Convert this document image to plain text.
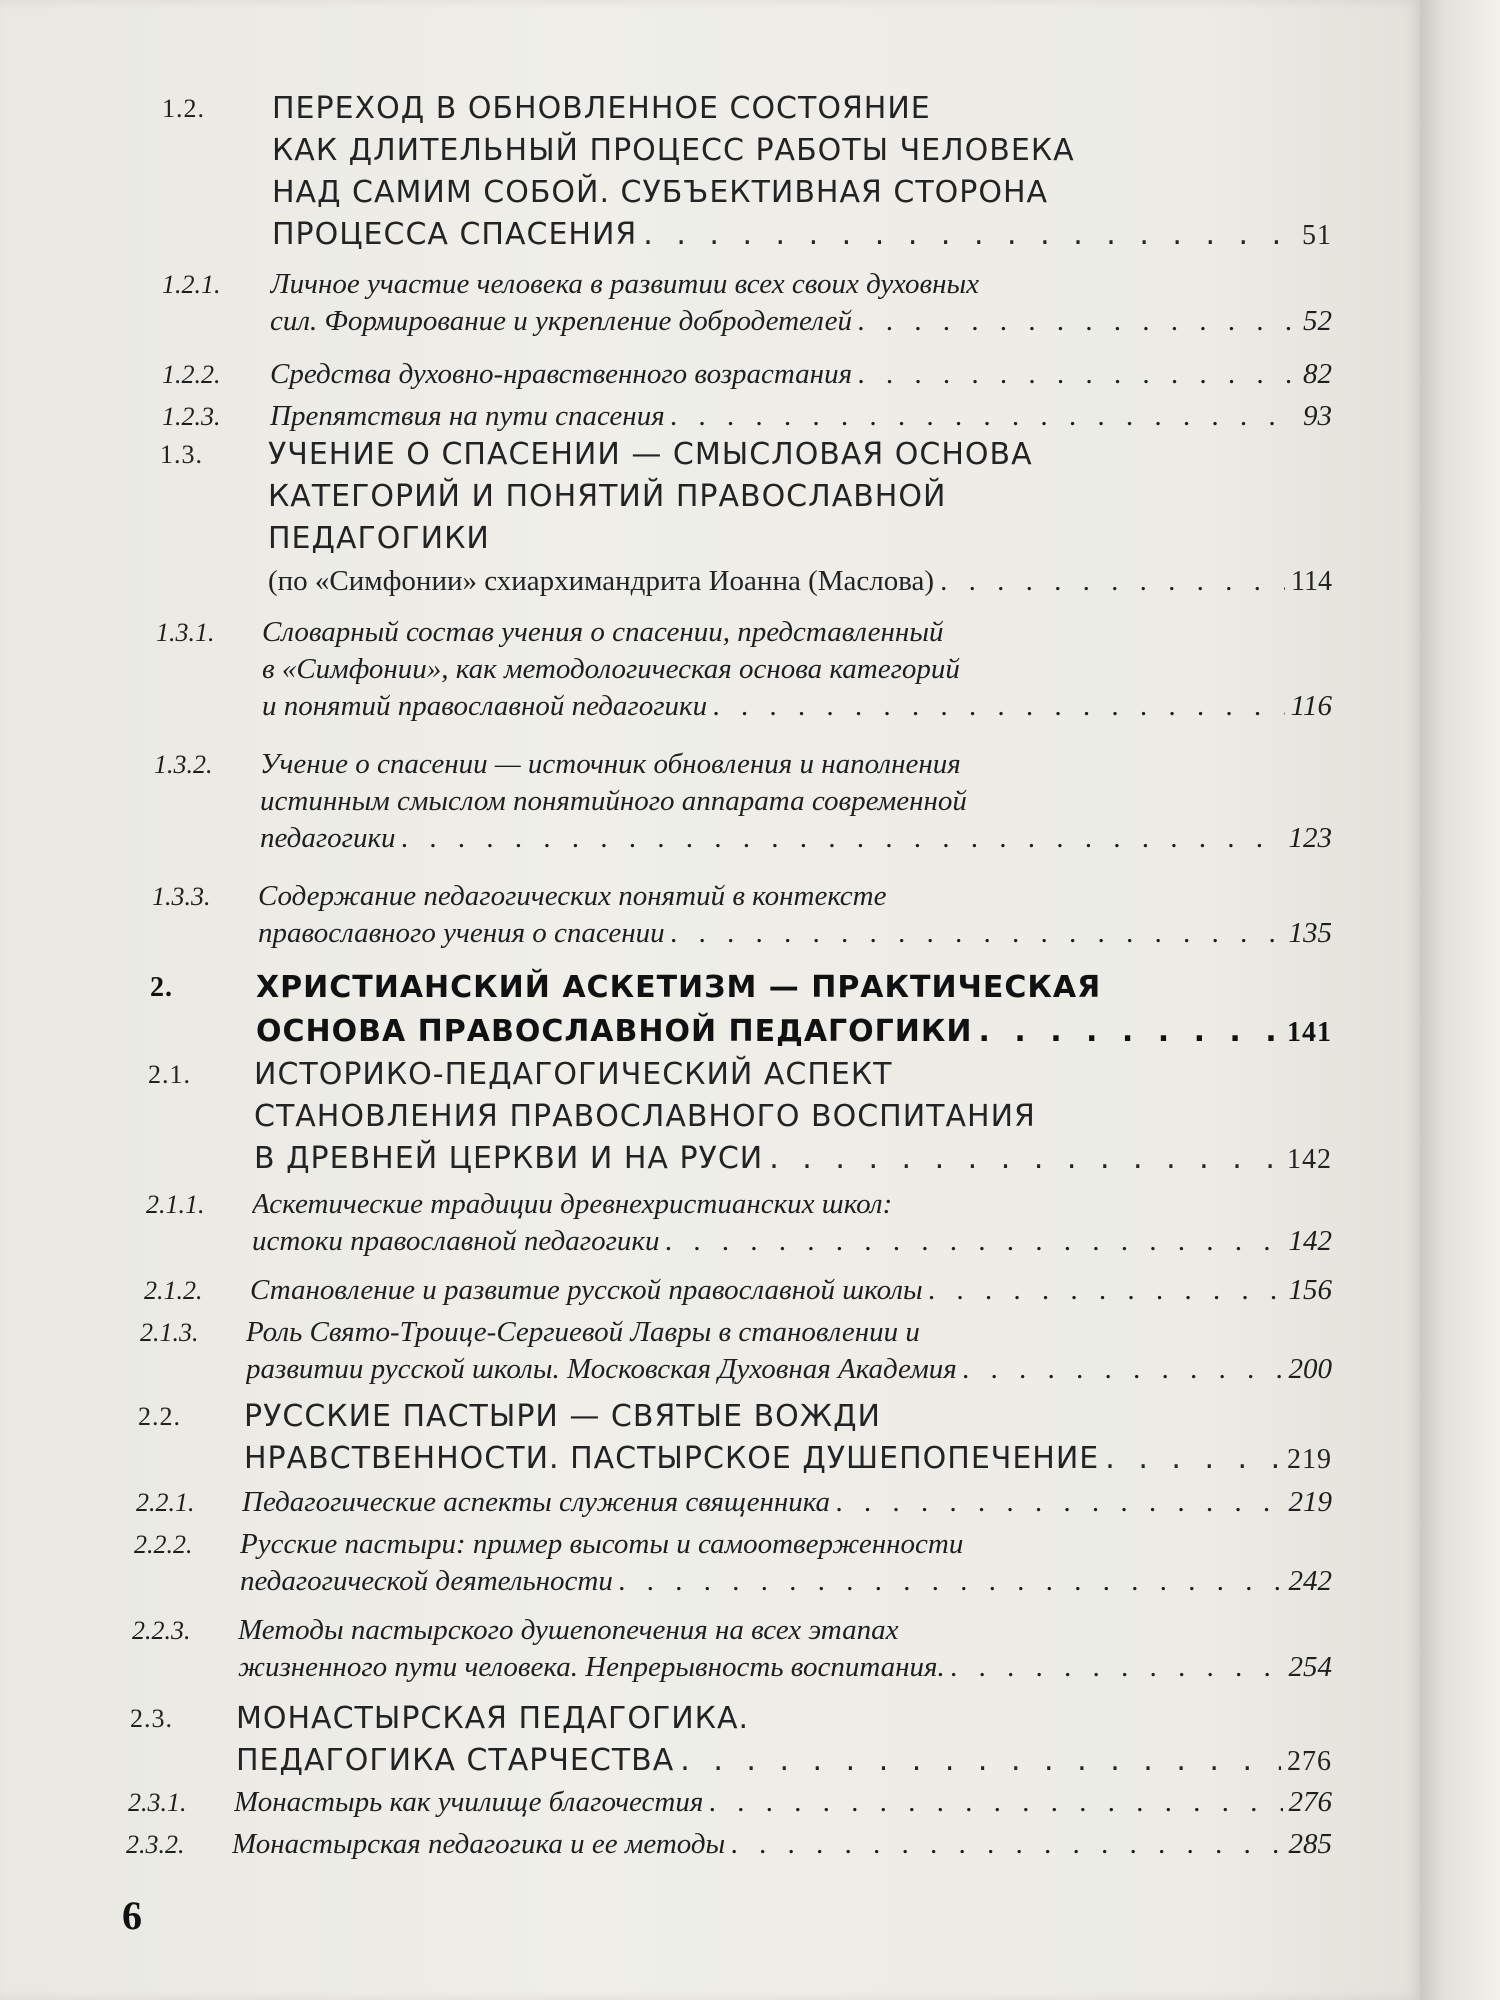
1.2. ПЕРЕХОД В ОБНОВЛЕННОЕ СОСТОЯНИЕ
КАК ДЛИТЕЛЬНЫЙ ПРОЦЕСС РАБОТЫ ЧЕЛОВЕКА
НАД САМИМ СОБОЙ. СУБЪЕКТИВНАЯ СТОРОНА
ПРОЦЕССА СПАСЕНИЯ . . .	51
1.2.1. Личное участие человека в развитии всех своих духовных
сил. Формирование и укрепление добродетелей . . .	52
1.2.2. Средства духовно-нравственного возрастания . . .	82
1.2.3. Препятствия на пути спасения . . .	93
1.3. УЧЕНИЕ О СПАСЕНИИ — СМЫСЛОВАЯ ОСНОВА
КАТЕГОРИЙ И ПОНЯТИЙ ПРАВОСЛАВНОЙ
ПЕДАГОГИКИ
(по «Симфонии» схиархимандрита Иоанна (Маслова) . . .	114
1.3.1. Словарный состав учения о спасении, представленный
в «Симфонии», как методологическая основа категорий
и понятий православной педагогики . . .	116
1.3.2. Учение о спасении — источник обновления и наполнения
истинным смыслом понятийного аппарата современной
педагогики . . .	123
1.3.3. Содержание педагогических понятий в контексте
православного учения о спасении . . .	135
2.	ХРИСТИАНСКИЙ АСКЕТИЗМ — ПРАКТИЧЕСКАЯ
ОСНОВА ПРАВОСЛАВНОЙ ПЕДАГОГИКИ . . .	141
2.1. ИСТОРИКО-ПЕДАГОГИЧЕСКИЙ АСПЕКТ
СТАНОВЛЕНИЯ ПРАВОСЛАВНОГО ВОСПИТАНИЯ
В ДРЕВНЕЙ ЦЕРКВИ И НА РУСИ . . .	142
2.1.1. Аскетические традиции древнехристианских школ:
истоки православной педагогики . . .	142
2.1.2. Становление и развитие русской православной школы . . .	156
2.1.3. Роль Свято-Троице-Сергиевой Лавры в становлении и
развитии русской школы. Московская Духовная Академия . . .	200
2.2. РУССКИЕ ПАСТЫРИ — СВЯТЫЕ ВОЖДИ
НРАВСТВЕННОСТИ. ПАСТЫРСКОЕ ДУШЕПОПЕЧЕНИЕ . . .	219
2.2.1. Педагогические аспекты служения священника . . .	219
2.2.2. Русские пастыри: пример высоты и самоотверженности
педагогической деятельности . . .	242
2.2.3. Методы пастырского душепопечения на всех этапах
жизненного пути человека. Непрерывность воспитания. . . .	254
2.3. МОНАСТЫРСКАЯ ПЕДАГОГИКА.
ПЕДАГОГИКА СТАРЧЕСТВА . . .	276
2.3.1. Монастырь как училище благочестия . . .	276
2.3.2. Монастырская педагогика и ее методы . . .	285
6
